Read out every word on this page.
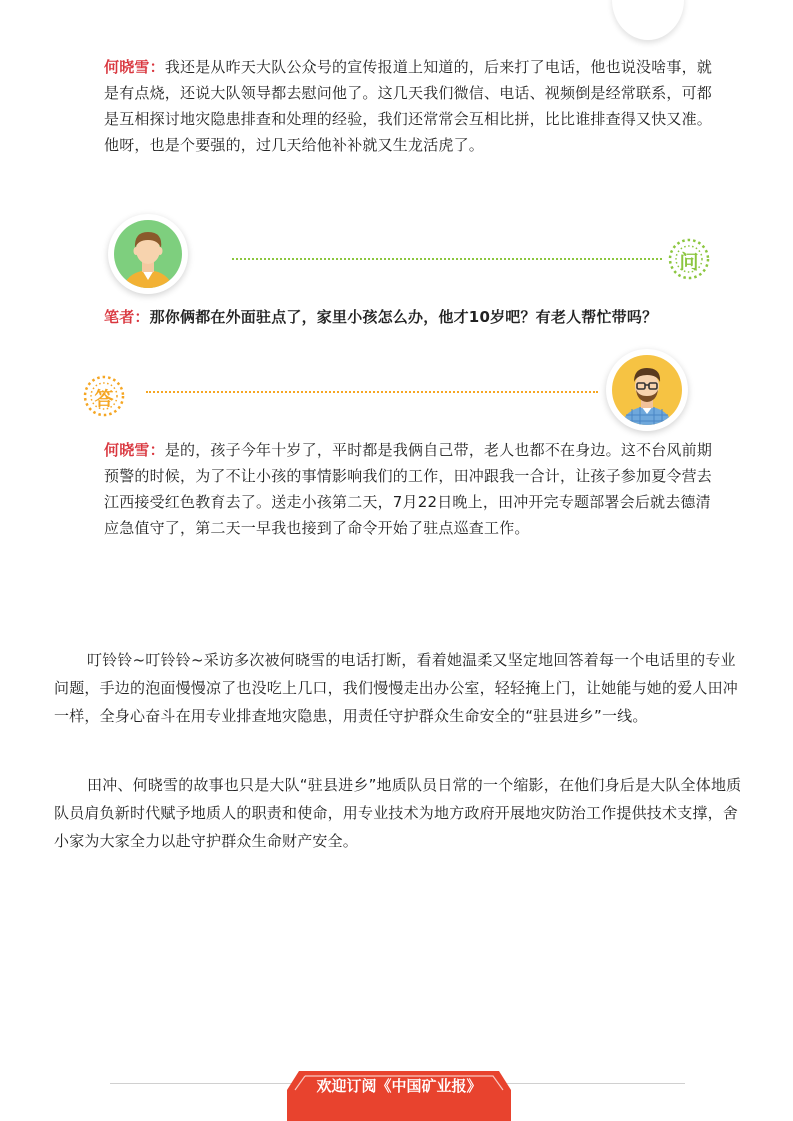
何晓雪：我还是从昨天大队公众号的宣传报道上知道的，后来打了电话，他也说没啥事，就是有点烧，还说大队领导都去慰问他了。这几天我们微信、电话、视频倒是经常联系，可都是互相探讨地灾隐患排查和处理的经验，我们还常常会互相比拼，比比谁排查得又快又准。他呀，也是个要强的，过几天给他补补就又生龙活虎了。

问

笔者：那你俩都在外面驻点了，家里小孩怎么办，他才10岁吧？有老人帮忙带吗？

答

何晓雪：是的，孩子今年十岁了，平时都是我俩自己带，老人也都不在身边。这不台风前期预警的时候，为了不让小孩的事情影响我们的工作，田冲跟我一合计，让孩子参加夏令营去江西接受红色教育去了。送走小孩第二天，7月22日晚上，田冲开完专题部署会后就去德清应急值守了，第二天一早我也接到了命令开始了驻点巡查工作。

叮铃铃~叮铃铃~采访多次被何晓雪的电话打断，看着她温柔又坚定地回答着每一个电话里的专业问题，手边的泡面慢慢凉了也没吃上几口，我们慢慢走出办公室，轻轻掩上门，让她能与她的爱人田冲一样，全身心奋斗在用专业排查地灾隐患，用责任守护群众生命安全的“驻县进乡”一线。

田冲、何晓雪的故事也只是大队“驻县进乡”地质队员日常的一个缩影，在他们身后是大队全体地质队员肩负新时代赋予地质人的职责和使命，用专业技术为地方政府开展地灾防治工作提供技术支撑，舍小家为大家全力以赴守护群众生命财产安全。

欢迎订阅《中国矿业报》
